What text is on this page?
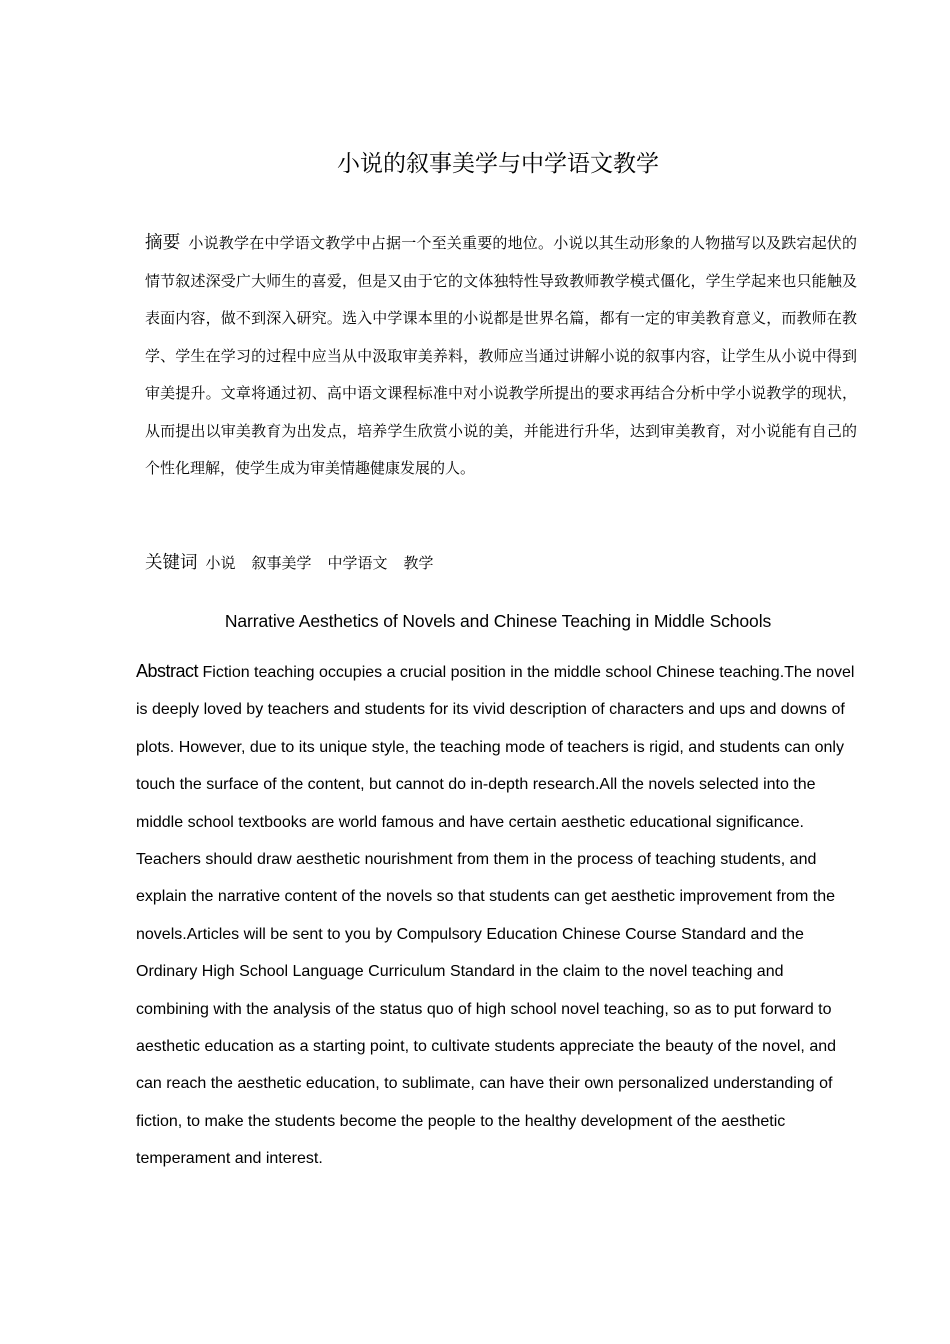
小说的叙事美学与中学语文教学

摘要 小说教学在中学语文教学中占据一个至关重要的地位。小说以其生动形象的人物描写以及跌宕起伏的情节叙述深受广大师生的喜爱，但是又由于它的文体独特性导致教师教学模式僵化，学生学起来也只能触及表面内容，做不到深入研究。选入中学课本里的小说都是世界名篇，都有一定的审美教育意义，而教师在教学、学生在学习的过程中应当从中汲取审美养料，教师应当通过讲解小说的叙事内容，让学生从小说中得到审美提升。文章将通过初、高中语文课程标准中对小说教学所提出的要求再结合分析中学小说教学的现状，从而提出以审美教育为出发点，培养学生欣赏小说的美，并能进行升华，达到审美教育，对小说能有自己的个性化理解，使学生成为审美情趣健康发展的人。

关键词 小说 叙事美学 中学语文 教学

Narrative Aesthetics of Novels and Chinese Teaching in Middle Schools

Abstract Fiction teaching occupies a crucial position in the middle school Chinese teaching.The novel is deeply loved by teachers and students for its vivid description of characters and ups and downs of plots. However, due to its unique style, the teaching mode of teachers is rigid, and students can only touch the surface of the content, but cannot do in-depth research.All the novels selected into the middle school textbooks are world famous and have certain aesthetic educational significance. Teachers should draw aesthetic nourishment from them in the process of teaching students, and explain the narrative content of the novels so that students can get aesthetic improvement from the novels.Articles will be sent to you by Compulsory Education Chinese Course Standard and the Ordinary High School Language Curriculum Standard in the claim to the novel teaching and combining with the analysis of the status quo of high school novel teaching, so as to put forward to aesthetic education as a starting point, to cultivate students appreciate the beauty of the novel, and can reach the aesthetic education, to sublimate, can have their own personalized understanding of fiction, to make the students become the people to the healthy development of the aesthetic temperament and interest.
